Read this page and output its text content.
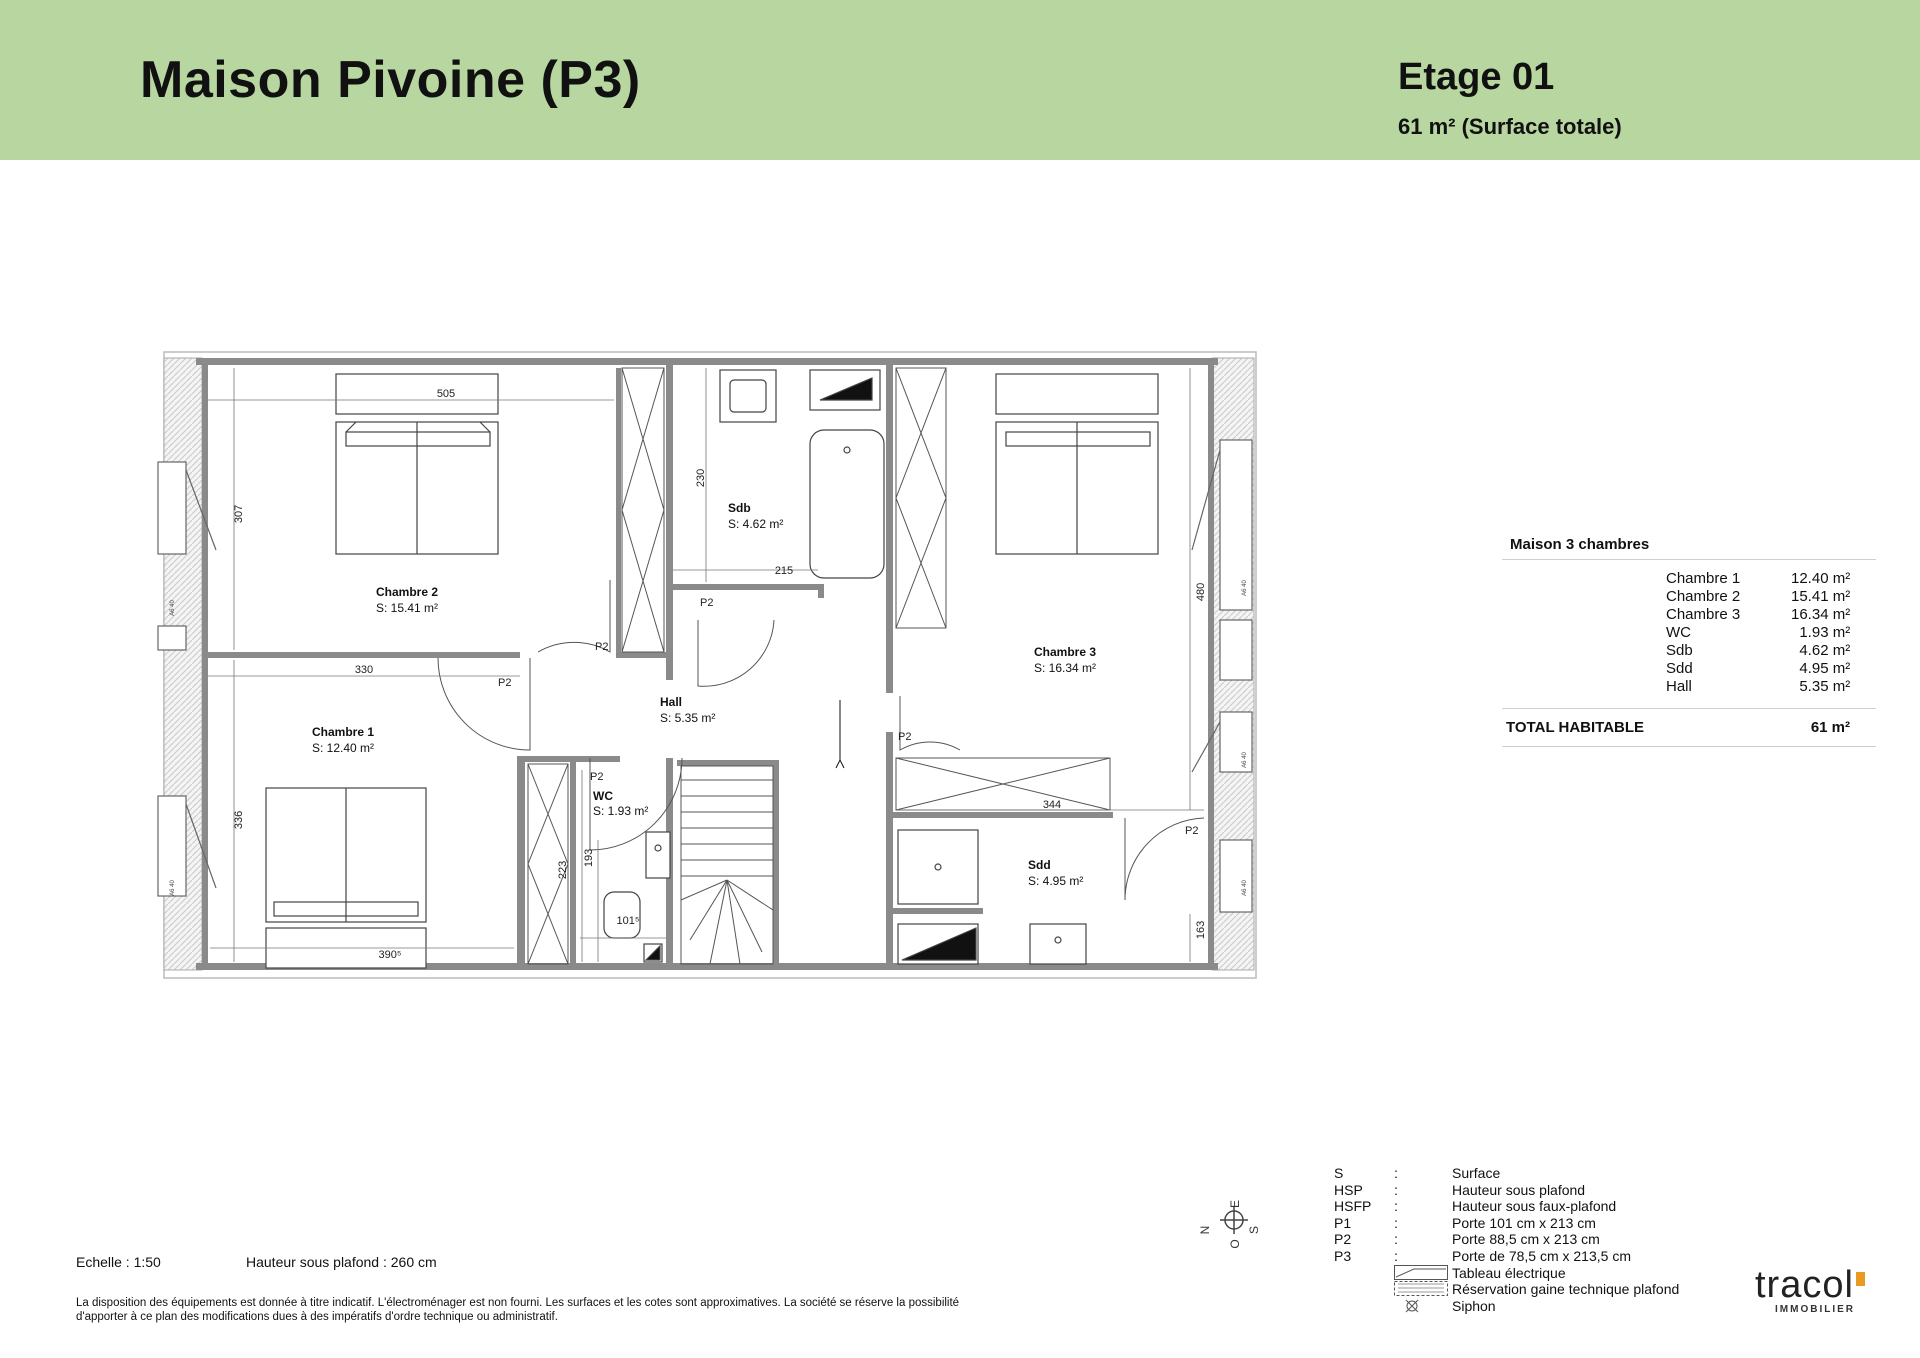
Maison Pivoine (P3)	Etage 01
61 m² (Surface totale)
505
307
330
336
390⁵
230
215
480
344
163
223
193
101⁵
P2
P2
P2
P2
P2
P2
A6 40
A6 40
A6 40
A6 40
A6 40
Chambre 2
S: 15.41 m²
Chambre 1
S: 12.40 m²
Sdb
S: 4.62 m²
Hall
S: 5.35 m²
WC
S: 1.93 m²
Chambre 3
S: 16.34 m²
Sdd
S: 4.95 m²
Maison 3 chambres
Chambre 1	12.40 m²
Chambre 2	15.41 m²
Chambre 3	16.34 m²
WC	1.93 m²
Sdb	4.62 m²
Sdd	4.95 m²
Hall	5.35 m²
TOTAL HABITABLE	61 m²
S	:	Surface
HSP	:	Hauteur sous plafond
HSFP	:	Hauteur sous faux-plafond
P1	:	Porte 101 cm x 213 cm
P2	:	Porte 88,5 cm x 213 cm
P3	:	Porte de 78,5 cm x 213,5 cm
Tableau électrique
Réservation gaine technique plafond
Siphon
N
O
E
S
Echelle : 1:50	Hauteur sous plafond : 260 cm
La disposition des équipements est donnée à titre indicatif. L'électroménager est non fourni. Les surfaces et les cotes sont approximatives. La société se réserve la possibilité
d'apporter à ce plan des modifications dues à des impératifs d'ordre technique ou administratif.
tracol
IMMOBILIER
